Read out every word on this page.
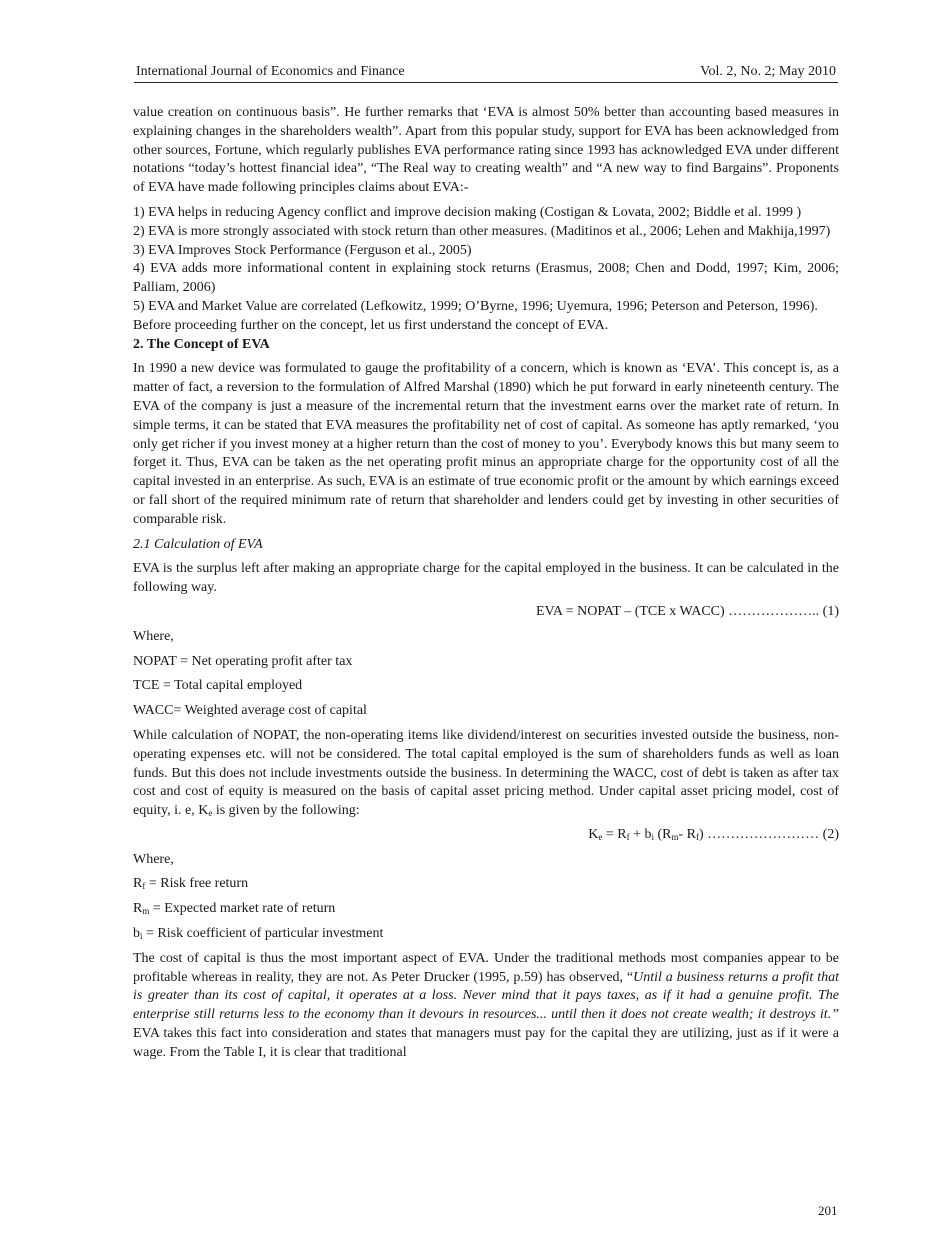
International Journal of Economics and Finance	Vol. 2, No. 2; May 2010

value creation on continuous basis”. He further remarks that ‘EVA is almost 50% better than accounting based measures in explaining changes in the shareholders wealth”. Apart from this popular study, support for EVA has been acknowledged from other sources, Fortune, which regularly publishes EVA performance rating since 1993 has acknowledged EVA under different notations “today’s hottest financial idea”, “The Real way to creating wealth” and “A new way to find Bargains”. Proponents of EVA have made following principles claims about EVA:-

1) EVA helps in reducing Agency conflict and improve decision making (Costigan & Lovata, 2002; Biddle et al. 1999 )

2) EVA is more strongly associated with stock return than other measures. (Maditinos et al., 2006; Lehen and Makhija,1997)

3) EVA Improves Stock Performance (Ferguson et al., 2005)

4) EVA adds more informational content in explaining stock returns (Erasmus, 2008; Chen and Dodd, 1997; Kim, 2006; Palliam, 2006)

5) EVA and Market Value are correlated (Lefkowitz, 1999; O’Byrne, 1996; Uyemura, 1996; Peterson and Peterson, 1996).

Before proceeding further on the concept, let us first understand the concept of EVA.

2. The Concept of EVA

In 1990 a new device was formulated to gauge the profitability of a concern, which is known as ‘EVA’. This concept is, as a matter of fact, a reversion to the formulation of Alfred Marshal (1890) which he put forward in early nineteenth century. The EVA of the company is just a measure of the incremental return that the investment earns over the market rate of return. In simple terms, it can be stated that EVA measures the profitability net of cost of capital. As someone has aptly remarked, ‘you only get richer if you invest money at a higher return than the cost of money to you’. Everybody knows this but many seem to forget it. Thus, EVA can be taken as the net operating profit minus an appropriate charge for the opportunity cost of all the capital invested in an enterprise. As such, EVA is an estimate of true economic profit or the amount by which earnings exceed or fall short of the required minimum rate of return that shareholder and lenders could get by investing in other securities of comparable risk.

2.1 Calculation of EVA

EVA is the surplus left after making an appropriate charge for the capital employed in the business. It can be calculated in the following way.

EVA = NOPAT – (TCE x WACC) ……………….. (1)

Where,

NOPAT = Net operating profit after tax

TCE = Total capital employed

WACC= Weighted average cost of capital

While calculation of NOPAT, the non-operating items like dividend/interest on securities invested outside the business, non-operating expenses etc. will not be considered. The total capital employed is the sum of shareholders funds as well as loan funds. But this does not include investments outside the business. In determining the WACC, cost of debt is taken as after tax cost and cost of equity is measured on the basis of capital asset pricing method. Under capital asset pricing model, cost of equity, i. e, $K_e$ is given by the following:

$K_e = R_f + b_i$ ($R_m-$ $R_f$) …………………… (2)

Where,

$R_f$ = Risk free return

$R_m$ = Expected market rate of return

$b_i$ = Risk coefficient of particular investment

The cost of capital is thus the most important aspect of EVA. Under the traditional methods most companies appear to be profitable whereas in reality, they are not. As Peter Drucker (1995, p.59) has observed, “Until a business returns a profit that is greater than its cost of capital, it operates at a loss. Never mind that it pays taxes, as if it had a genuine profit. The enterprise still returns less to the economy than it devours in resources... until then it does not create wealth; it destroys it.” EVA takes this fact into consideration and states that managers must pay for the capital they are utilizing, just as if it were a wage. From the Table I, it is clear that traditional

201
